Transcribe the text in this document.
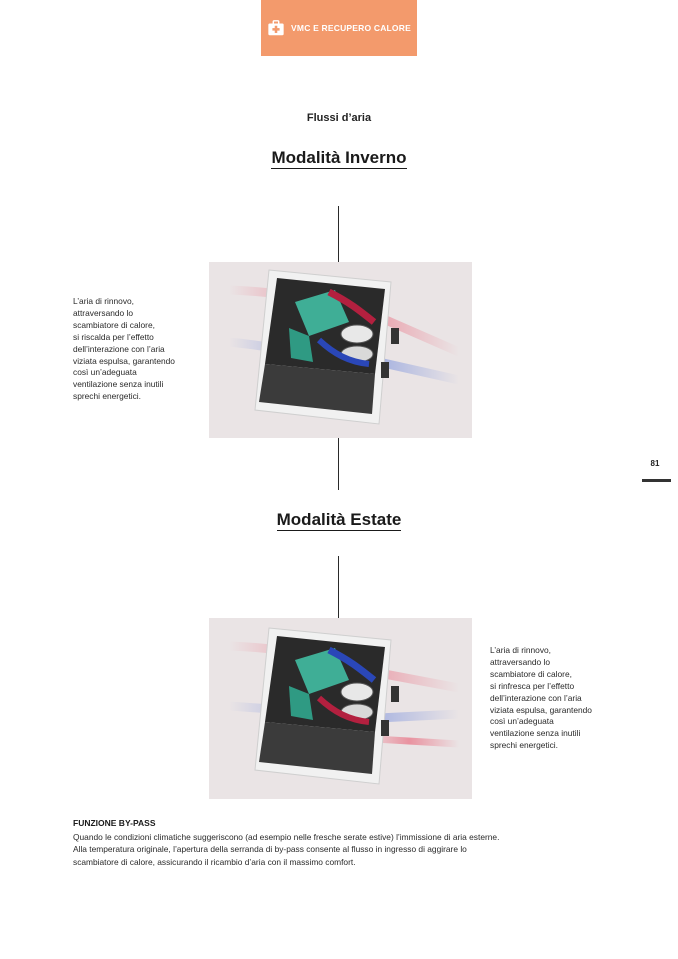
VMC E RECUPERO CALORE
Flussi d’aria
Modalità Inverno
L’aria di rinnovo,
attraversando lo
scambiatore di calore,
si riscalda per l’effetto
dell’interazione con l’aria
viziata espulsa, garantendo
così un’adeguata
ventilazione senza inutili
sprechi energetici.
81
Modalità Estate
L’aria di rinnovo,
attraversando lo
scambiatore di calore,
si rinfresca per l’effetto
dell’interazione con l’aria
viziata espulsa, garantendo
così un’adeguata
ventilazione senza inutili
sprechi energetici.
FUNZIONE BY-PASS
Quando le condizioni climatiche suggeriscono (ad esempio nelle fresche serate estive) l’immissione di aria esterne.
Alla temperatura originale, l’apertura della serranda di by-pass consente al flusso in ingresso di aggirare lo
scambiatore di calore, assicurando il ricambio d’aria con il massimo comfort.
